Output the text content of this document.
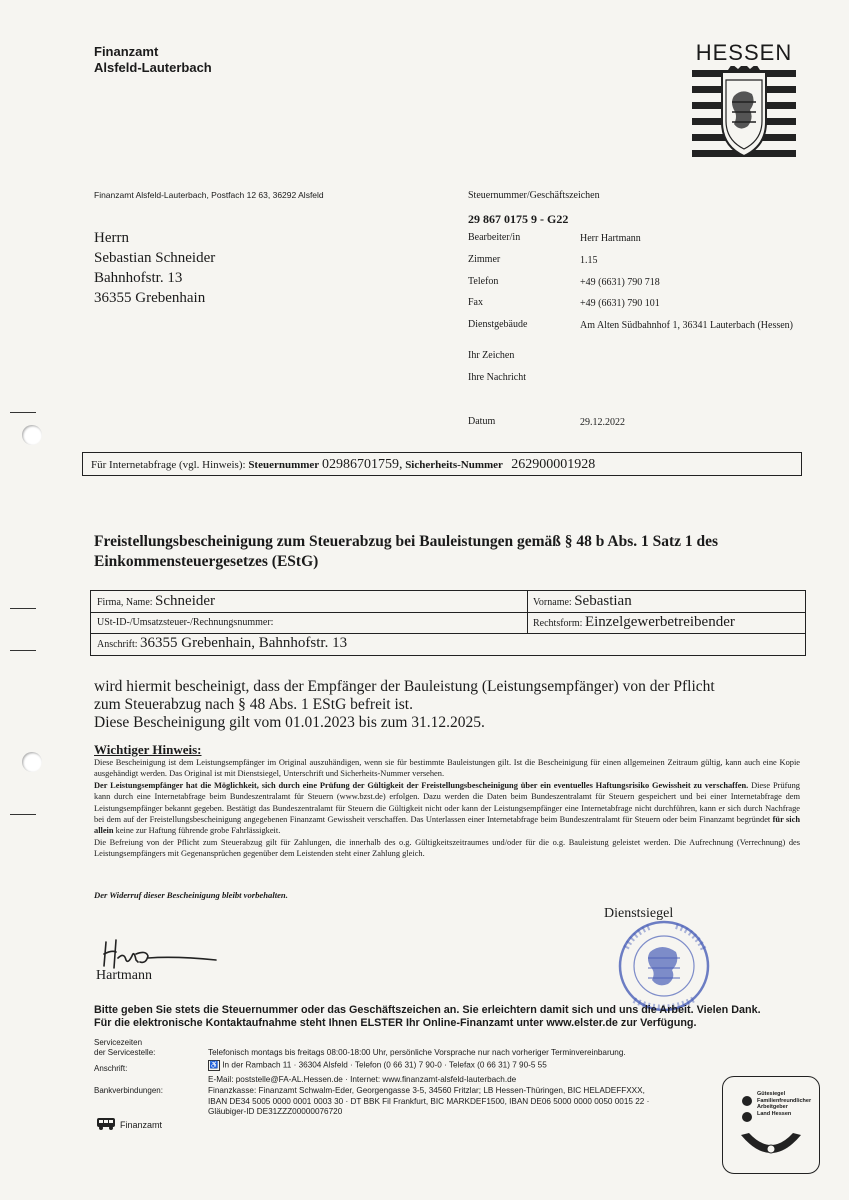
Finanzamt
Alsfeld-Lauterbach
HESSEN
Finanzamt Alsfeld-Lauterbach, Postfach 12 63, 36292 Alsfeld
Herrn
Sebastian Schneider
Bahnhofstr. 13
36355 Grebenhain
Steuernummer/Geschäftszeichen
29 867 0175 9 - G22
Bearbeiter/in	Herr Hartmann
Zimmer	1.15
Telefon	+49 (6631) 790 718
Fax	+49 (6631) 790 101
Dienstgebäude	Am Alten Südbahnhof 1, 36341 Lauterbach (Hessen)
Ihr Zeichen
Ihre Nachricht
Datum	29.12.2022
Für Internetabfrage (vgl. Hinweis): Steuernummer 02986701759, Sicherheits-Nummer 262900001928
Freistellungsbescheinigung zum Steuerabzug bei Bauleistungen gemäß § 48 b Abs. 1 Satz 1 des Einkommensteuergesetzes (EStG)
Firma, Name: Schneider	Vorname: Sebastian
USt-ID-/Umsatzsteuer-/Rechnungsnummer:	Rechtsform: Einzelgewerbetreibender
Anschrift: 36355 Grebenhain, Bahnhofstr. 13
wird hiermit bescheinigt, dass der Empfänger der Bauleistung (Leistungsempfänger) von der Pflicht
zum Steuerabzug nach § 48 Abs. 1 EStG befreit ist.
Diese Bescheinigung gilt vom 01.01.2023 bis zum 31.12.2025.
Wichtiger Hinweis:
Diese Bescheinigung ist dem Leistungsempfänger im Original auszuhändigen, wenn sie für bestimmte Bauleistungen gilt. Ist die Bescheinigung für einen allgemeinen Zeitraum gültig, kann auch eine Kopie ausgehändigt werden. Das Original ist mit Dienstsiegel, Unterschrift und Sicherheits-Nummer versehen.
Der Leistungsempfänger hat die Möglichkeit, sich durch eine Prüfung der Gültigkeit der Freistellungsbescheinigung über ein eventuelles Haftungsrisiko Gewissheit zu verschaffen. Diese Prüfung kann durch eine Internetabfrage beim Bundeszentralamt für Steuern (www.bzst.de) erfolgen. Dazu werden die Daten beim Bundeszentralamt für Steuern gespeichert und bei einer Internetabfrage dem Leistungsempfänger bekannt gegeben. Bestätigt das Bundeszentralamt für Steuern die Gültigkeit nicht oder kann der Leistungsempfänger eine Internetabfrage nicht durchführen, kann er sich durch Nachfrage bei dem auf der Freistellungsbescheinigung angegebenen Finanzamt Gewissheit verschaffen. Das Unterlassen einer Internetabfrage beim Bundeszentralamt für Steuern oder beim Finanzamt begründet für sich allein keine zur Haftung führende grobe Fahrlässigkeit.
Die Befreiung von der Pflicht zum Steuerabzug gilt für Zahlungen, die innerhalb des o.g. Gültigkeitszeitraumes und/oder für die o.g. Bauleistung geleistet werden. Die Aufrechnung (Verrechnung) des Leistungsempfängers mit Gegenansprüchen gegenüber dem Leistenden steht einer Zahlung gleich.
Der Widerruf dieser Bescheinigung bleibt vorbehalten.
Dienstsiegel
Hartmann
Bitte geben Sie stets die Steuernummer oder das Geschäftszeichen an. Sie erleichtern damit sich und uns die Arbeit. Vielen Dank.
Für die elektronische Kontaktaufnahme steht Ihnen ELSTER Ihr Online-Finanzamt unter www.elster.de zur Verfügung.
Servicezeiten
der Servicestelle:	Telefonisch montags bis freitags 08:00-18:00 Uhr, persönliche Vorsprache nur nach vorheriger Terminvereinbarung.
Anschrift:	♿ In der Rambach 11 · 36304 Alsfeld · Telefon (0 66 31) 7 90-0 · Telefax (0 66 31) 7 90-5 55
E-Mail: poststelle@FA-AL.Hessen.de · Internet: www.finanzamt-alsfeld-lauterbach.de
Bankverbindungen:	Finanzkasse: Finanzamt Schwalm-Eder, Georgengasse 3-5, 34560 Fritzlar; LB Hessen-Thüringen, BIC HELADEFFXXX,
IBAN DE34 5005 0000 0001 0003 30 · DT BBK Fil Frankfurt, BIC MARKDEF1500, IBAN DE06 5000 0000 0050 0015 22 ·
Gläubiger-ID DE31ZZZ00000076720
Finanzamt
Gütesiegel
Familienfreundlicher
Arbeitgeber
Land Hessen
